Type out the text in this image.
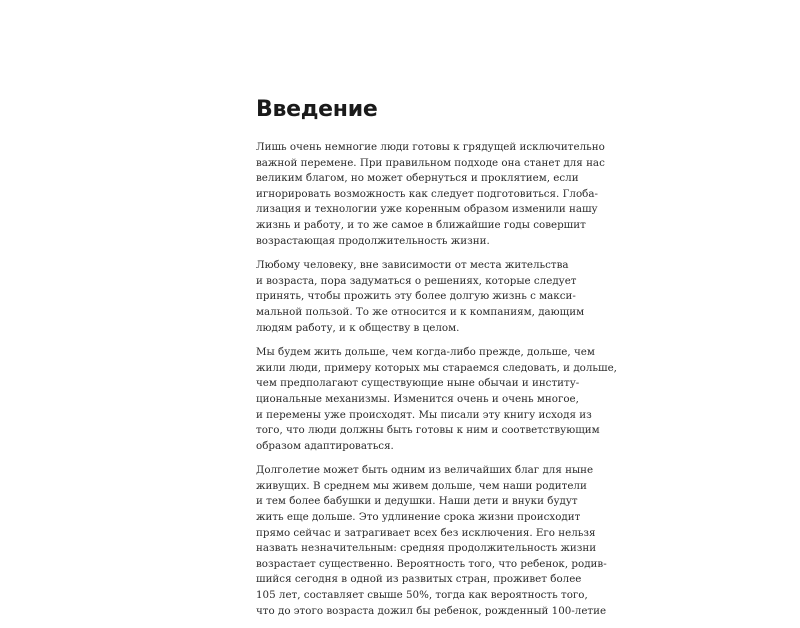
Введение

Лишь очень немногие люди готовы к грядущей исключительно
важной перемене. При правильном подходе она станет для нас
великим благом, но может обернуться и проклятием, если
игнорировать возможность как следует подготовиться. Глоба-
лизация и технологии уже коренным образом изменили нашу
жизнь и работу, и то же самое в ближайшие годы совершит
возрастающая продолжительность жизни.

Любому человеку, вне зависимости от места жительства
и возраста, пора задуматься о решениях, которые следует
принять, чтобы прожить эту более долгую жизнь с макси-
мальной пользой. То же относится и к компаниям, дающим
людям работу, и к обществу в целом.

Мы будем жить дольше, чем когда-либо прежде, дольше, чем
жили люди, примеру которых мы стараемся следовать, и дольше,
чем предполагают существующие ныне обычаи и институ-
циональные механизмы. Изменится очень и очень многое,
и перемены уже происходят. Мы писали эту книгу исходя из
того, что люди должны быть готовы к ним и соответствующим
образом адаптироваться.

Долголетие может быть одним из величайших благ для ныне
живущих. В среднем мы живем дольше, чем наши родители
и тем более бабушки и дедушки. Наши дети и внуки будут
жить еще дольше. Это удлинение срока жизни происходит
прямо сейчас и затрагивает всех без исключения. Его нельзя
назвать незначительным: средняя продолжительность жизни
возрастает существенно. Вероятность того, что ребенок, родив-
шийся сегодня в одной из развитых стран, проживет более
105 лет, составляет свыше 50%, тогда как вероятность того,
что до этого возраста дожил бы ребенок, рожденный 100-летие
